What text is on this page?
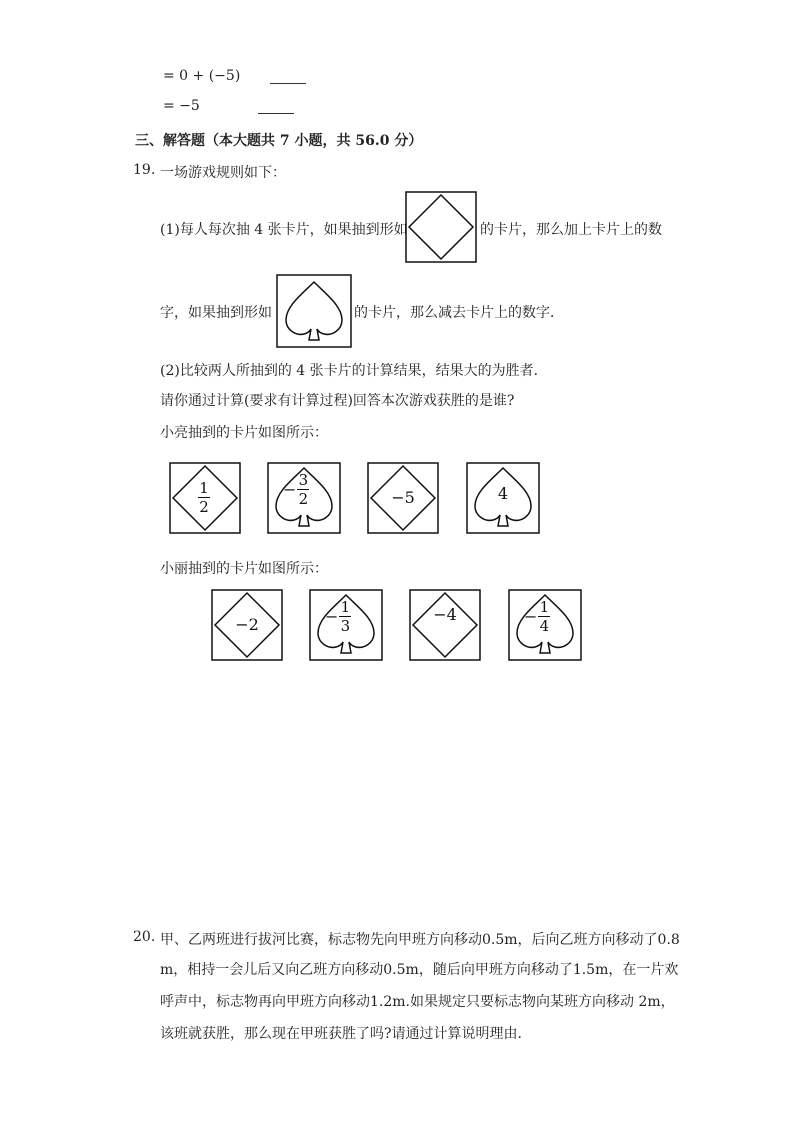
= 0 + (−5)
= −5
三、解答题（本大题共 7 小题，共 56.0 分）
19. 一场游戏规则如下：
(1)每人每次抽 4 张卡片，如果抽到形如	的卡片，那么加上卡片上的数
字，如果抽到形如	的卡片，那么减去卡片上的数字．
(2)比较两人所抽到的 4 张卡片的计算结果，结果大的为胜者．
请你通过计算(要求有计算过程)回答本次游戏获胜的是谁?
小亮抽到的卡片如图所示：
1
2
− $\frac{3}{2}$	−5	4
小丽抽到的卡片如图所示：
−2	− $\frac{1}{3}$	−4	− $\frac{1}{4}$
20. 甲、乙两班进行拔河比赛，标志物先向甲班方向移动0.5m，后向乙班方向移动了0.8
m，相持一会儿后又向乙班方向移动0.5m，随后向甲班方向移动了1.5m，在一片欢
呼声中，标志物再向甲班方向移动1.2m.如果规定只要标志物向某班方向移动 2m，
该班就获胜，那么现在甲班获胜了吗?请通过计算说明理由．
